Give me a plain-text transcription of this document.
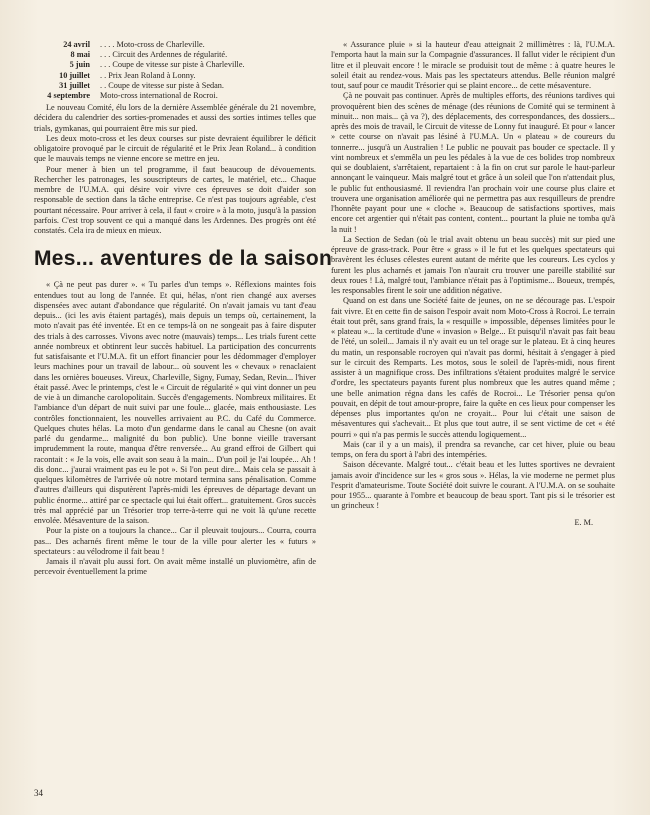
24 avril	. . . . Moto-cross de Charleville.
8 mai	. . . Circuit des Ardennes de régularité.
5 juin	. . . Coupe de vitesse sur piste à Charleville.
10 juillet	. . Prix Jean Roland à Lonny.
31 juillet	. . Coupe de vitesse sur piste à Sedan.
4 septembre	Moto-cross international de Rocroi.

Le nouveau Comité, élu lors de la dernière Assemblée générale du 21 novembre, décidera du calendrier des sorties-promenades et aussi des sorties intimes telles que trials, gymkanas, qui pourraient être mis sur pied.

Les deux moto-cross et les deux courses sur piste devraient équilibrer le déficit obligatoire provoqué par le circuit de régularité et le Prix Jean Roland... à condition que le mauvais temps ne vienne encore se mettre en jeu.

Pour mener à bien un tel programme, il faut beaucoup de dévouements. Rechercher les patronages, les souscripteurs de cartes, le matériel, etc... Chaque membre de l'U.M.A. qui désire voir vivre ces épreuves se doit d'aider son responsable de section dans la tâche entreprise. Ce n'est pas toujours agréable, c'est pourtant nécessaire. Pour arriver à cela, il faut « croire » à la moto, jusqu'à la passion parfois. C'est trop souvent ce qui a manqué dans les Ardennes. Des progrès ont été constatés. Cela ira de mieux en mieux.

Mes... aventures de la saison

« Çà ne peut pas durer ». « Tu parles d'un temps ». Réflexions maintes fois entendues tout au long de l'année. Et qui, hélas, n'ont rien changé aux averses dispensées avec autant d'abondance que régularité. On n'avait jamais vu tant d'eau depuis... (ici les avis étaient partagés), mais depuis un temps où, certainement, la moto n'avait pas été inventée. Et en ce temps-là on ne songeait pas à faire disputer des trials à des carrosses. Vivons avec notre (mauvais) temps... Les trials furent cette année nombreux et obtinrent leur succès habituel. La participation des concurrents fut satisfaisante et l'U.M.A. fit un effort financier pour les dédommager d'employer leurs machines pour un travail de labour... où souvent les « chevaux » renaclaient dans les ornières boueuses. Vireux, Charleville, Signy, Fumay, Sedan, Revin... l'hiver était passé. Avec le printemps, c'est le « Circuit de régularité » qui vint donner un peu de vie à un dimanche carolopolitain. Succès d'engagements. Nombreux militaires. Et l'ambiance d'un départ de nuit suivi par une foule... glacée, mais enthousiaste. Les contrôles fonctionnaient, les nouvelles arrivaient au P.C. du Café du Commerce. Quelques chutes hélas. La moto d'un gendarme dans le canal au Chesne (on avait parlé du gendarme... malignité du bon public). Une bonne vieille traversant imprudemment la route, manqua d'être renversée... Au grand effroi de Gilbert qui racontait : « Je la vois, elle avait son seau à la main... D'un poil je l'ai loupée... Ah ! dis donc... j'aurai vraiment pas eu le pot ». Si l'on peut dire... Mais cela se passait à quelques kilomètres de l'arrivée où notre motard termina sans pénalisation. Comme d'autres d'ailleurs qui disputèrent l'après-midi les épreuves de départage devant un public énorme... attiré par ce spectacle qui lui était offert... gratuitement. Gros succès très mal apprécié par un Trésorier trop terre-à-terre qui ne voit là qu'une recette envolée. Mésaventure de la saison.

Pour la piste on a toujours la chance... Car il pleuvait toujours... Courra, courra pas... Des acharnés firent même le tour de la ville pour alerter les « futurs » spectateurs : au vélodrome il fait beau !

Jamais il n'avait plu aussi fort. On avait même installé un pluviomètre, afin de percevoir éventuellement la prime

« Assurance pluie » si la hauteur d'eau atteignait 2 millimètres : là, l'U.M.A. l'emporta haut la main sur la Compagnie d'assurances. Il fallut vider le récipient d'un litre et il pleuvait encore ! le miracle se produisit tout de même : à quatre heures le soleil était au rendez-vous. Mais pas les spectateurs attendus. Belle réunion malgré tout, sauf pour ce maudit Trésorier qui se plaint encore... de cette mésaventure.

Çà ne pouvait pas continuer. Après de multiples efforts, des réunions tardives qui provoquèrent bien des scènes de ménage (des réunions de Comité qui se terminent à minuit... non mais... çà va ?), des déplacements, des correspondances, des dossiers... après des mois de travail, le Circuit de vitesse de Lonny fut inauguré. Et pour « lancer » cette course on n'avait pas lésiné à l'U.M.A. Un « plateau » de coureurs du tonnerre... jusqu'à un Australien ! Le public ne pouvait pas bouder ce spectacle. Il y vint nombreux et s'emmêla un peu les pédales à la vue de ces bolides trop nombreux qui se doublaient, s'arrêtaient, repartaient : à la fin on crut sur parole le haut-parleur annonçant le vainqueur. Mais malgré tout et grâce à un soleil que l'on n'attendait plus, le public fut enthousiasmé. Il reviendra l'an prochain voir une course plus claire et trouvera une organisation améliorée qui ne permettra pas aux resquilleurs de prendre l'honnête payant pour une « cloche ». Beaucoup de satisfactions sportives, mais encore cet argentier qui n'était pas content, content... pourtant la pluie ne tomba qu'à la nuit !

La Section de Sedan (où le trial avait obtenu un beau succès) mit sur pied une épreuve de grass-track. Pour être « grass » il le fut et les quelques spectateurs qui bravèrent les écluses célestes eurent autant de mérite que les coureurs. Les cyclos y furent les plus acharnés et jamais l'on n'aurait cru trouver une pareille stabilité sur deux roues ! Là, malgré tout, l'ambiance n'était pas à l'optimisme... Boueux, trempés, les responsables firent le soir une addition négative.

Quand on est dans une Société faite de jeunes, on ne se décourage pas. L'espoir fait vivre. Et en cette fin de saison l'espoir avait nom Moto-Cross à Rocroi. Le terrain était tout prêt, sans grand frais, la « resquille » impossible, dépenses limitées pour le « plateau »... la certitude d'une « invasion » Belge... Et puisqu'il n'avait pas fait beau de l'été, un soleil... Jamais il n'y avait eu un tel orage sur le plateau. Et à cinq heures du matin, un responsable rocroyen qui n'avait pas dormi, hésitait à s'engager à pied sur le circuit des Remparts. Les motos, sous le soleil de l'après-midi, nous firent assister à un magnifique cross. Des infiltrations s'étaient produites malgré le service d'ordre, les spectateurs payants furent plus nombreux que les autres quand même ; une belle animation régna dans les cafés de Rocroi... Le Trésorier pensa qu'on pouvait, en dépit de tout amour-propre, faire la quête en ces lieux pour compenser les dépenses plus importantes qu'on ne croyait... Pour lui c'était une saison de mésaventures qui s'achevait... Et plus que tout autre, il se sent victime de cet « été pourri » qui n'a pas permis le succès attendu logiquement...

Mais (car il y a un mais), il prendra sa revanche, car cet hiver, pluie ou beau temps, on fera du sport à l'abri des intempéries.

Saison décevante. Malgré tout... c'était beau et les luttes sportives ne devraient jamais avoir d'incidence sur les « gros sous ». Hélas, la vie moderne ne permet plus l'esprit d'amateurisme. Toute Société doit suivre le courant. A l'U.M.A. on se souhaite pour 1955... quarante à l'ombre et beaucoup de beau sport. Tant pis si le trésorier est un grincheux !

E. M.
34
